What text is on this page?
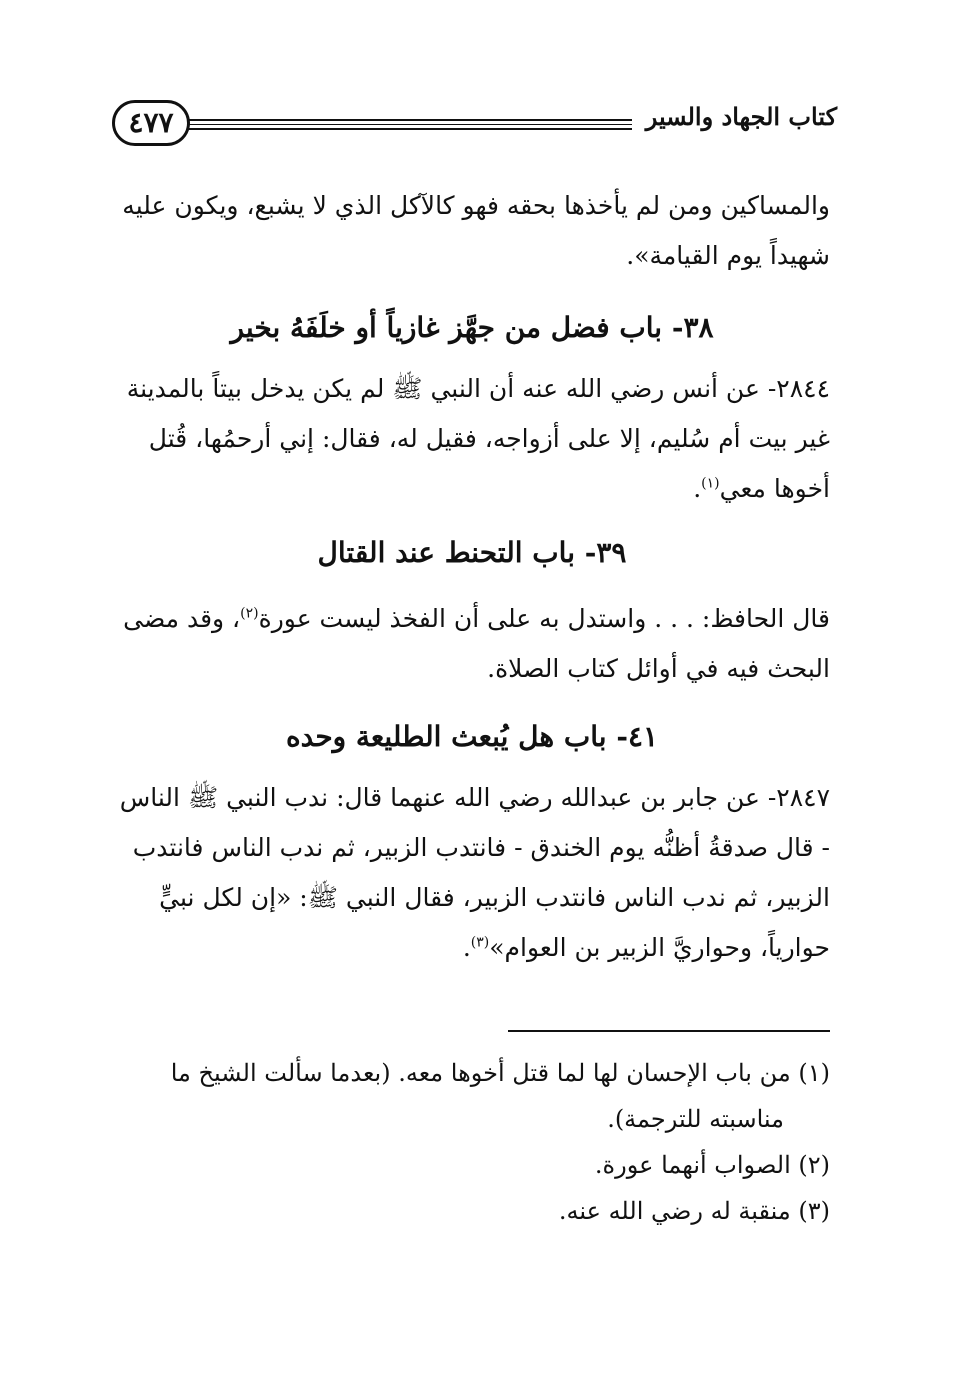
٤٧٧	كتاب الجهاد والسير

والمساكين ومن لم يأخذها بحقه فهو كالآكل الذي لا يشبع، ويكون عليه

شهيداً يوم القيامة».

٣٨- باب فضل من جهَّز غازياً أو خلَفَهُ بخير

٢٨٤٤- عن أنس رضي الله عنه أن النبي ﷺ لم يكن يدخل بيتاً بالمدينة

غير بيت أم سُليم، إلا على أزواجه، فقيل له، فقال: إني أرحمُها، قُتل

أخوها معي$^{(١)}$.

٣٩- باب التحنط عند القتال

قال الحافظ: . . . واستدل به على أن الفخذ ليست عورة$^{(٢)}$، وقد مضى

البحث فيه في أوائل كتاب الصلاة.

٤١- باب هل يُبعث الطليعة وحده

٢٨٤٧- عن جابر بن عبدالله رضي الله عنهما قال: ندب النبي ﷺ الناس

- قال صدقةُ أظنُّه يوم الخندق - فانتدب الزبير، ثم ندب الناس فانتدب

الزبير، ثم ندب الناس فانتدب الزبير، فقال النبي ﷺ: «إن لكل نبيٍّ

حوارياً، وحواريَّ الزبير بن العوام»$^{(٣)}$.

(١) من باب الإحسان لها لما قتل أخوها معه. (بعدما سألت الشيخ ما

مناسبته للترجمة).

(٢) الصواب أنهما عورة.

(٣) منقبة له رضي الله عنه.
